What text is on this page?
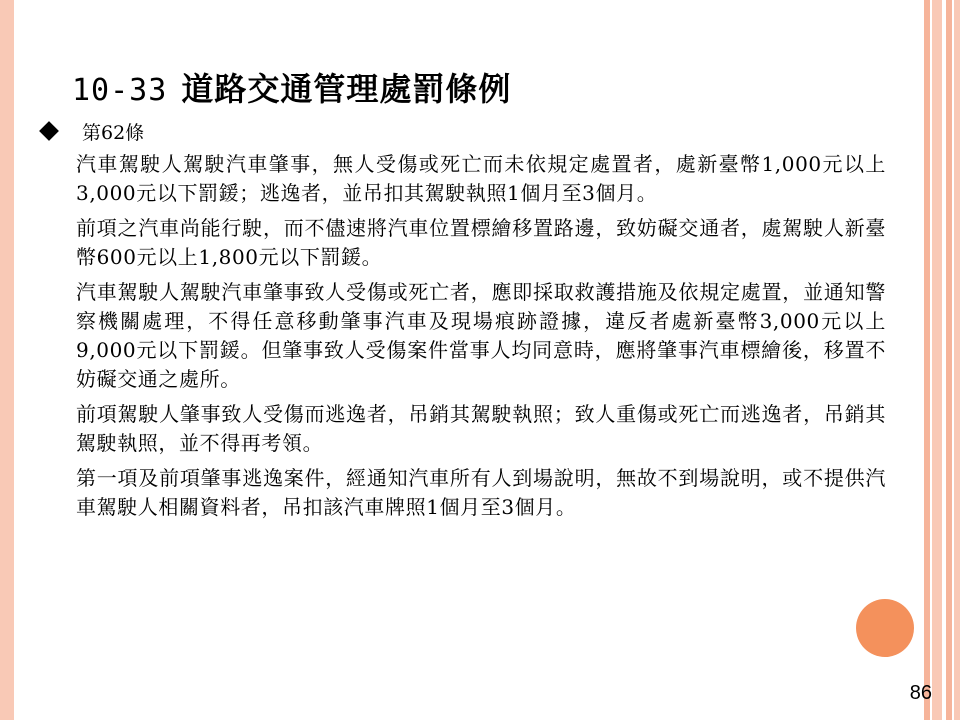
10-33 道路交通管理處罰條例
第62條

汽車駕駛人駕駛汽車肇事，無人受傷或死亡而未依規定處置者，處新臺幣1,000元以上3,000元以下罰鍰；逃逸者，並吊扣其駕駛執照1個月至3個月。

前項之汽車尚能行駛，而不儘速將汽車位置標繪移置路邊，致妨礙交通者，處駕駛人新臺幣600元以上1,800元以下罰鍰。

汽車駕駛人駕駛汽車肇事致人受傷或死亡者，應即採取救護措施及依規定處置，並通知警察機關處理，不得任意移動肇事汽車及現場痕跡證據，違反者處新臺幣3,000元以上9,000元以下罰鍰。但肇事致人受傷案件當事人均同意時，應將肇事汽車標繪後，移置不妨礙交通之處所。

前項駕駛人肇事致人受傷而逃逸者，吊銷其駕駛執照；致人重傷或死亡而逃逸者，吊銷其駕駛執照，並不得再考領。

第一項及前項肇事逃逸案件，經通知汽車所有人到場說明，無故不到場說明，或不提供汽車駕駛人相關資料者，吊扣該汽車牌照1個月至3個月。

86
